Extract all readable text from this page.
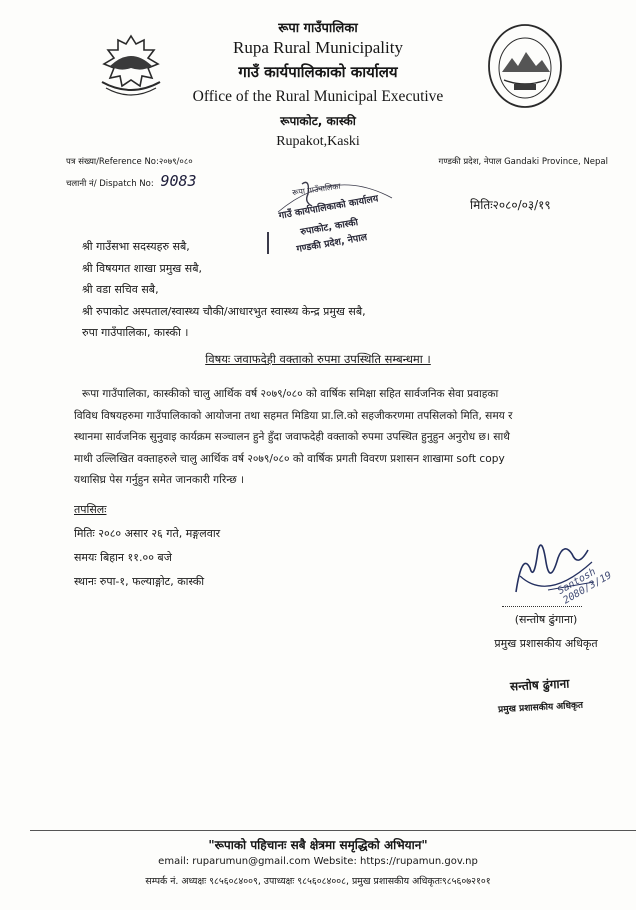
रूपा गाउँपालिका
Rupa Rural Municipality
गाउँ कार्यपालिकाको कार्यालय
Office of the Rural Municipal Executive
रूपाकोट, कास्की
Rupakot,Kaski
पत्र संख्या/Reference No:२०७९/०८०
चलानी नं/ Dispatch No: 9083
गण्डकी प्रदेश, नेपाल Gandaki Province, Nepal
रूपा गाउँपालिका
गाउँ कार्यपालिकाको कार्यालय
रुपाकोट, कास्की
गण्डकी प्रदेश, नेपाल
मितिः२०८०/०३/१९
श्री गाउँसभा सदस्यहरु सबै,
श्री विषयगत शाखा प्रमुख सबै,
श्री वडा सचिव सबै,
श्री रुपाकोट अस्पताल/स्वास्थ्य चौकी/आधारभुत स्वास्थ्य केन्द्र प्रमुख सबै,
रुपा गाउँपालिका, कास्की ।
विषयः जवाफदेही वक्ताको रुपमा उपस्थिति सम्बन्धमा ।
रूपा गाउँपालिका, कास्कीको चालु आर्थिक वर्ष २०७९/०८० को वार्षिक समिक्षा सहित सार्वजनिक सेवा प्रवाहका
विविध विषयहरुमा गाउँपालिकाको आयोजना तथा सहमत मिडिया प्रा.लि.को सहजीकरणमा तपसिलको मिति, समय र
स्थानमा सार्वजनिक सुनुवाइ कार्यक्रम सञ्चालन हुने हुँदा जवाफदेही वक्ताको रुपमा उपस्थित हुनुहुन अनुरोध छ। साथै
माथी उल्लिखित वक्ताहरुले चालु आर्थिक वर्ष २०७९/०८० को वार्षिक प्रगती विवरण प्रशासन शाखामा soft copy
यथासिघ्र पेस गर्नुहुन समेत जानकारी गरिन्छ ।
तपसिलः
मितिः २०८० असार २६ गते, मङ्गलवार
समयः बिहान ११.०० बजे
स्थानः रुपा-१, फल्याङ्गोट, कास्की	Santosh 2080/3/19
(सन्तोष ढुंगाना)
प्रमुख प्रशासकीय अधिकृत
सन्तोष ढुंगाना
प्रमुख प्रशासकीय अधिकृत
"रूपाको पहिचानः सबै क्षेत्रमा समृद्धिको अभियान"
email: ruparumun@gmail.com Website: https://rupamun.gov.np
सम्पर्क नं. अध्यक्षः ९८५६०८४००९, उपाध्यक्षः ९८५६०८४००८, प्रमुख प्रशासकीय अधिकृतः९८५६०७२१०१
